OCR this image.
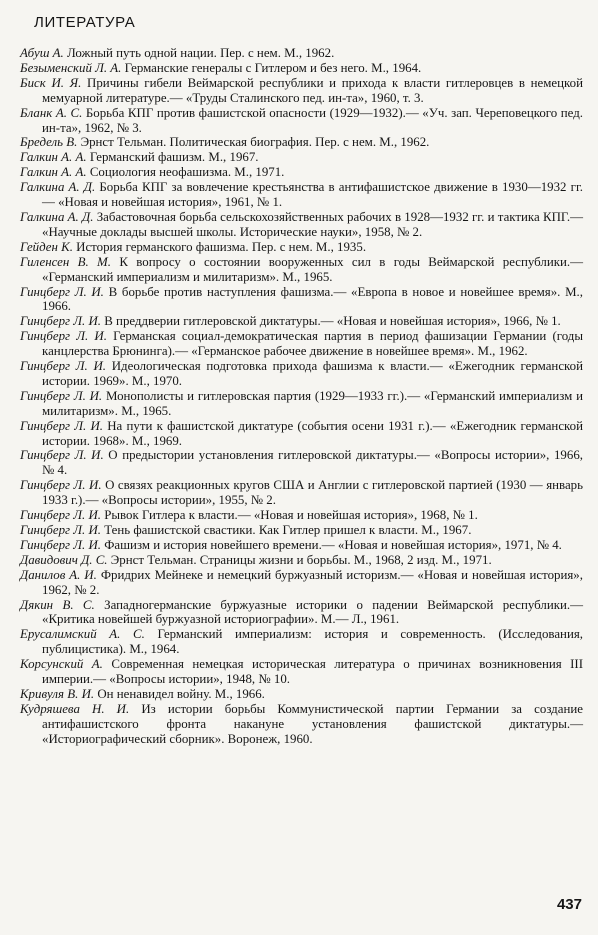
ЛИТЕРАТУРА

Абуш А. Ложный путь одной нации. Пер. с нем. М., 1962.

Безыменский Л. А. Германские генералы с Гитлером и без него. М., 1964.

Биск И. Я. Причины гибели Веймарской республики и прихода к власти гитлеровцев в немецкой мемуарной литературе.— «Труды Сталинского пед. ин-та», 1960, т. 3.

Бланк А. С. Борьба КПГ против фашистской опасности (1929—1932).— «Уч. зап. Череповецкого пед. ин-та», 1962, № 3.

Бредель В. Эрнст Тельман. Политическая биография. Пер. с нем. М., 1962.

Галкин А. А. Германский фашизм. М., 1967.

Галкин А. А. Социология неофашизма. М., 1971.

Галкина А. Д. Борьба КПГ за вовлечение крестьянства в антифашистское движение в 1930—1932 гг.— «Новая и новейшая история», 1961, № 1.

Галкина А. Д. Забастовочная борьба сельскохозяйственных рабочих в 1928—1932 гг. и тактика КПГ.— «Научные доклады высшей школы. Исторические науки», 1958, № 2.

Гейден К. История германского фашизма. Пер. с нем. М., 1935.

Гиленсен В. М. К вопросу о состоянии вооруженных сил в годы Веймарской республики.— «Германский империализм и милитаризм». М., 1965.

Гинцберг Л. И. В борьбе против наступления фашизма.— «Европа в новое и новейшее время». М., 1966.

Гинцберг Л. И. В преддверии гитлеровской диктатуры.— «Новая и новейшая история», 1966, № 1.

Гинцберг Л. И. Германская социал-демократическая партия в период фашизации Германии (годы канцлерства Брюнинга).— «Германское рабочее движение в новейшее время». М., 1962.

Гинцберг Л. И. Идеологическая подготовка прихода фашизма к власти.— «Ежегодник германской истории. 1969». М., 1970.

Гинцберг Л. И. Монополисты и гитлеровская партия (1929—1933 гг.).— «Германский империализм и милитаризм». М., 1965.

Гинцберг Л. И. На пути к фашистской диктатуре (события осени 1931 г.).— «Ежегодник германской истории. 1968». М., 1969.

Гинцберг Л. И. О предыстории установления гитлеровской диктатуры.— «Вопросы истории», 1966, № 4.

Гинцберг Л. И. О связях реакционных кругов США и Англии с гитлеровской партией (1930 — январь 1933 г.).— «Вопросы истории», 1955, № 2.

Гинцберг Л. И. Рывок Гитлера к власти.— «Новая и новейшая история», 1968, № 1.

Гинцберг Л. И. Тень фашистской свастики. Как Гитлер пришел к власти. М., 1967.

Гинцберг Л. И. Фашизм и история новейшего времени.— «Новая и новейшая история», 1971, № 4.

Давидович Д. С. Эрнст Тельман. Страницы жизни и борьбы. М., 1968, 2 изд. М., 1971.

Данилов А. И. Фридрих Мейнеке и немецкий буржуазный историзм.— «Новая и новейшая история», 1962, № 2.

Дякин В. С. Западногерманские буржуазные историки о падении Веймарской республики.— «Критика новейшей буржуазной историографии». М.— Л., 1961.

Ерусалимский А. С. Германский империализм: история и современность. (Исследования, публицистика). М., 1964.

Корсунский А. Современная немецкая историческая литература о причинах возникновения III империи.— «Вопросы истории», 1948, № 10.

Кривуля В. И. Он ненавидел войну. М., 1966.

Кудряшева Н. И. Из истории борьбы Коммунистической партии Германии за создание антифашистского фронта накануне установления фашистской диктатуры.— «Историографический сборник». Воронеж, 1960.

437
